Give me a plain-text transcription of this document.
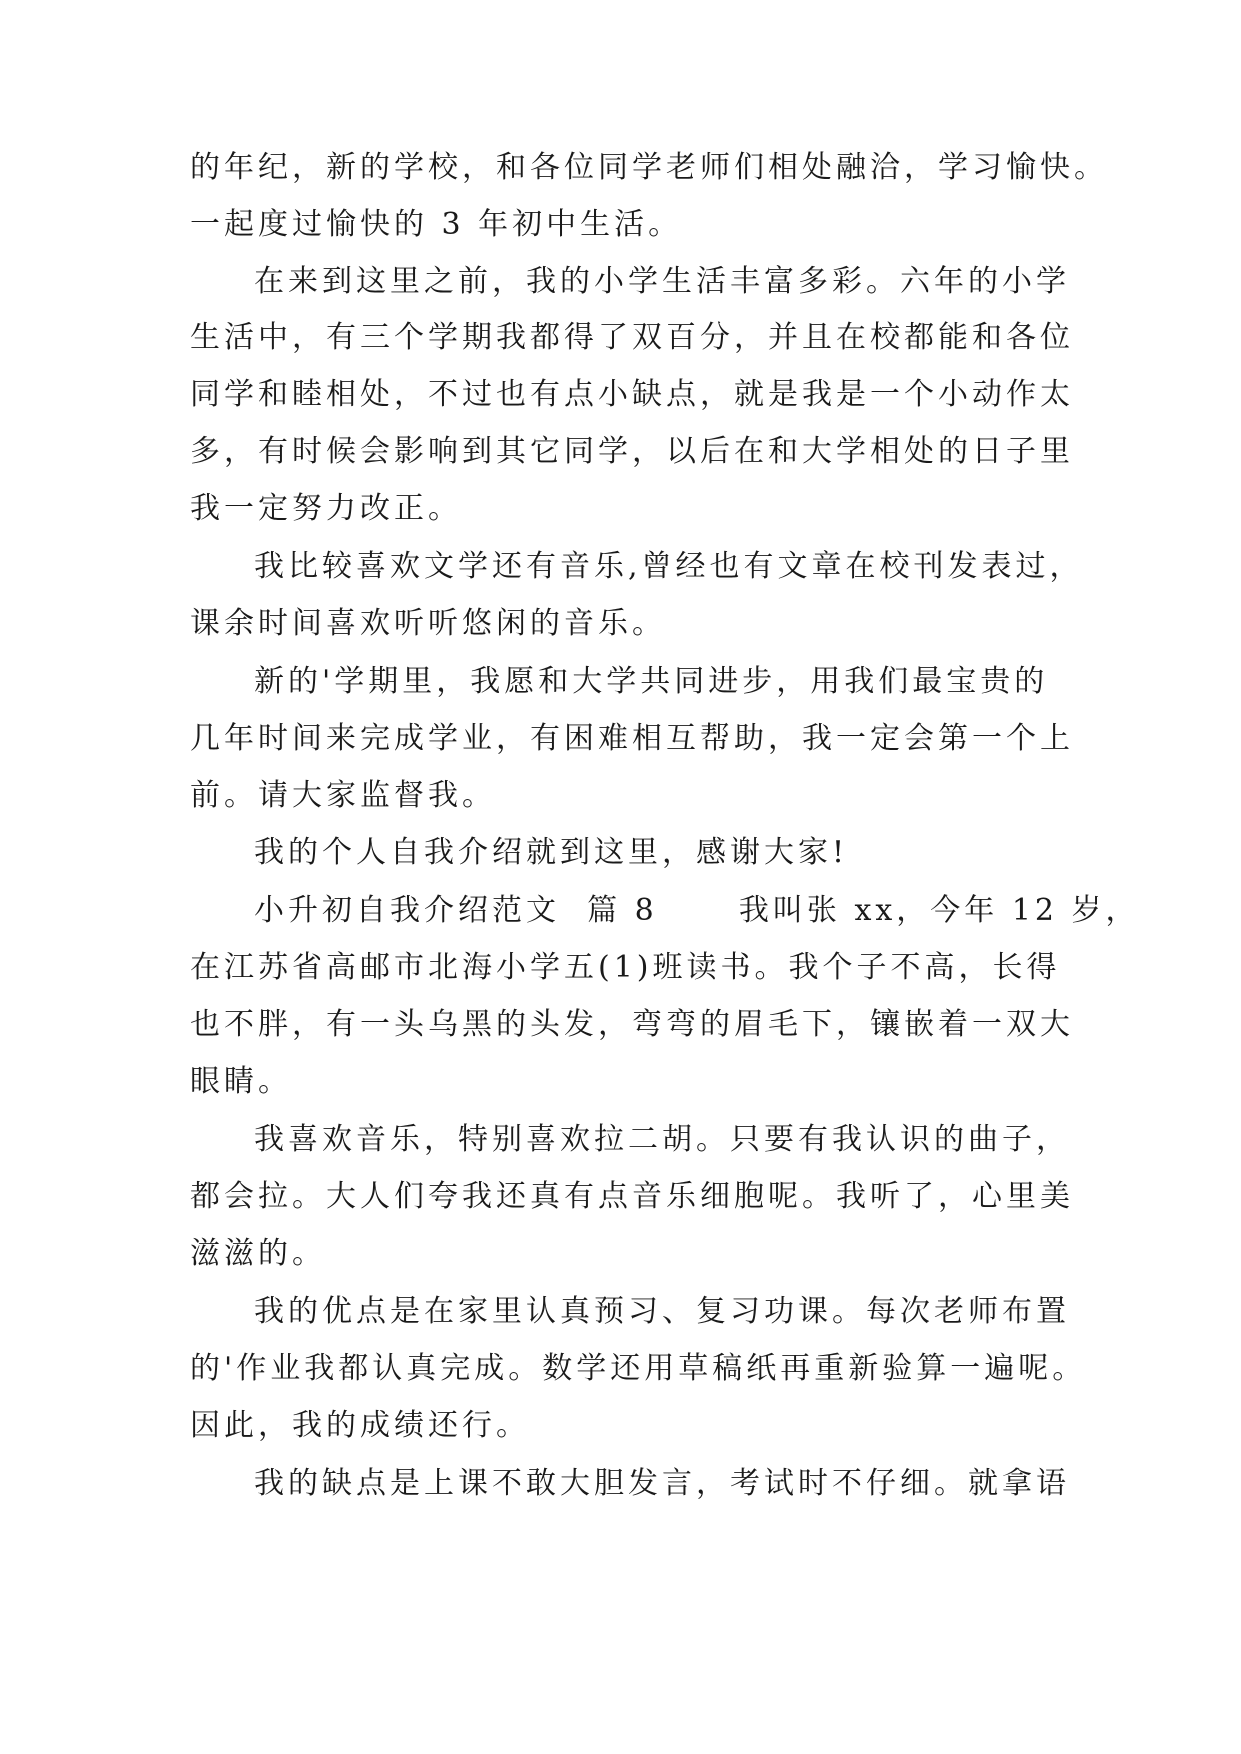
的年纪，新的学校，和各位同学老师们相处融洽，学习愉快。
一起度过愉快的 3 年初中生活。
在来到这里之前，我的小学生活丰富多彩。六年的小学
生活中，有三个学期我都得了双百分，并且在校都能和各位
同学和睦相处，不过也有点小缺点，就是我是一个小动作太
多，有时候会影响到其它同学，以后在和大学相处的日子里
我一定努力改正。
我比较喜欢文学还有音乐,曾经也有文章在校刊发表过，
课余时间喜欢听听悠闲的音乐。
新的'学期里，我愿和大学共同进步，用我们最宝贵的
几年时间来完成学业，有困难相互帮助，我一定会第一个上
前。请大家监督我。
我的个人自我介绍就到这里，感谢大家!
小升初自我介绍范文  篇 8      我叫张 xx，今年 12 岁，
在江苏省高邮市北海小学五(1)班读书。我个子不高，长得
也不胖，有一头乌黑的头发，弯弯的眉毛下，镶嵌着一双大
眼睛。
我喜欢音乐，特别喜欢拉二胡。只要有我认识的曲子，
都会拉。大人们夸我还真有点音乐细胞呢。我听了，心里美
滋滋的。
我的优点是在家里认真预习、复习功课。每次老师布置
的'作业我都认真完成。数学还用草稿纸再重新验算一遍呢。
因此，我的成绩还行。
我的缺点是上课不敢大胆发言，考试时不仔细。就拿语
